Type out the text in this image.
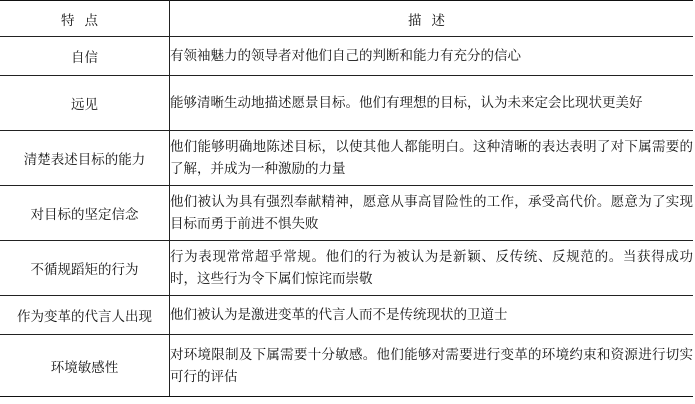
特点	描述
自信	有领袖魅力的领导者对他们自己的判断和能力有充分的信心
远见	能够清晰生动地描述愿景目标。他们有理想的目标，认为未来定会比现状更美好
清楚表述目标的能力	他们能够明确地陈述目标，以使其他人都能明白。这种清晰的表达表明了对下属需要的了解，并成为一种激励的力量
对目标的坚定信念	他们被认为具有强烈奉献精神，愿意从事高冒险性的工作，承受高代价。愿意为了实现目标而勇于前进不惧失败
不循规蹈矩的行为	行为表现常常超乎常规。他们的行为被认为是新颖、反传统、反规范的。当获得成功时，这些行为令下属们惊诧而崇敬
作为变革的代言人出现	他们被认为是激进变革的代言人而不是传统现状的卫道士
环境敏感性	对环境限制及下属需要十分敏感。他们能够对需要进行变革的环境约束和资源进行切实可行的评估
